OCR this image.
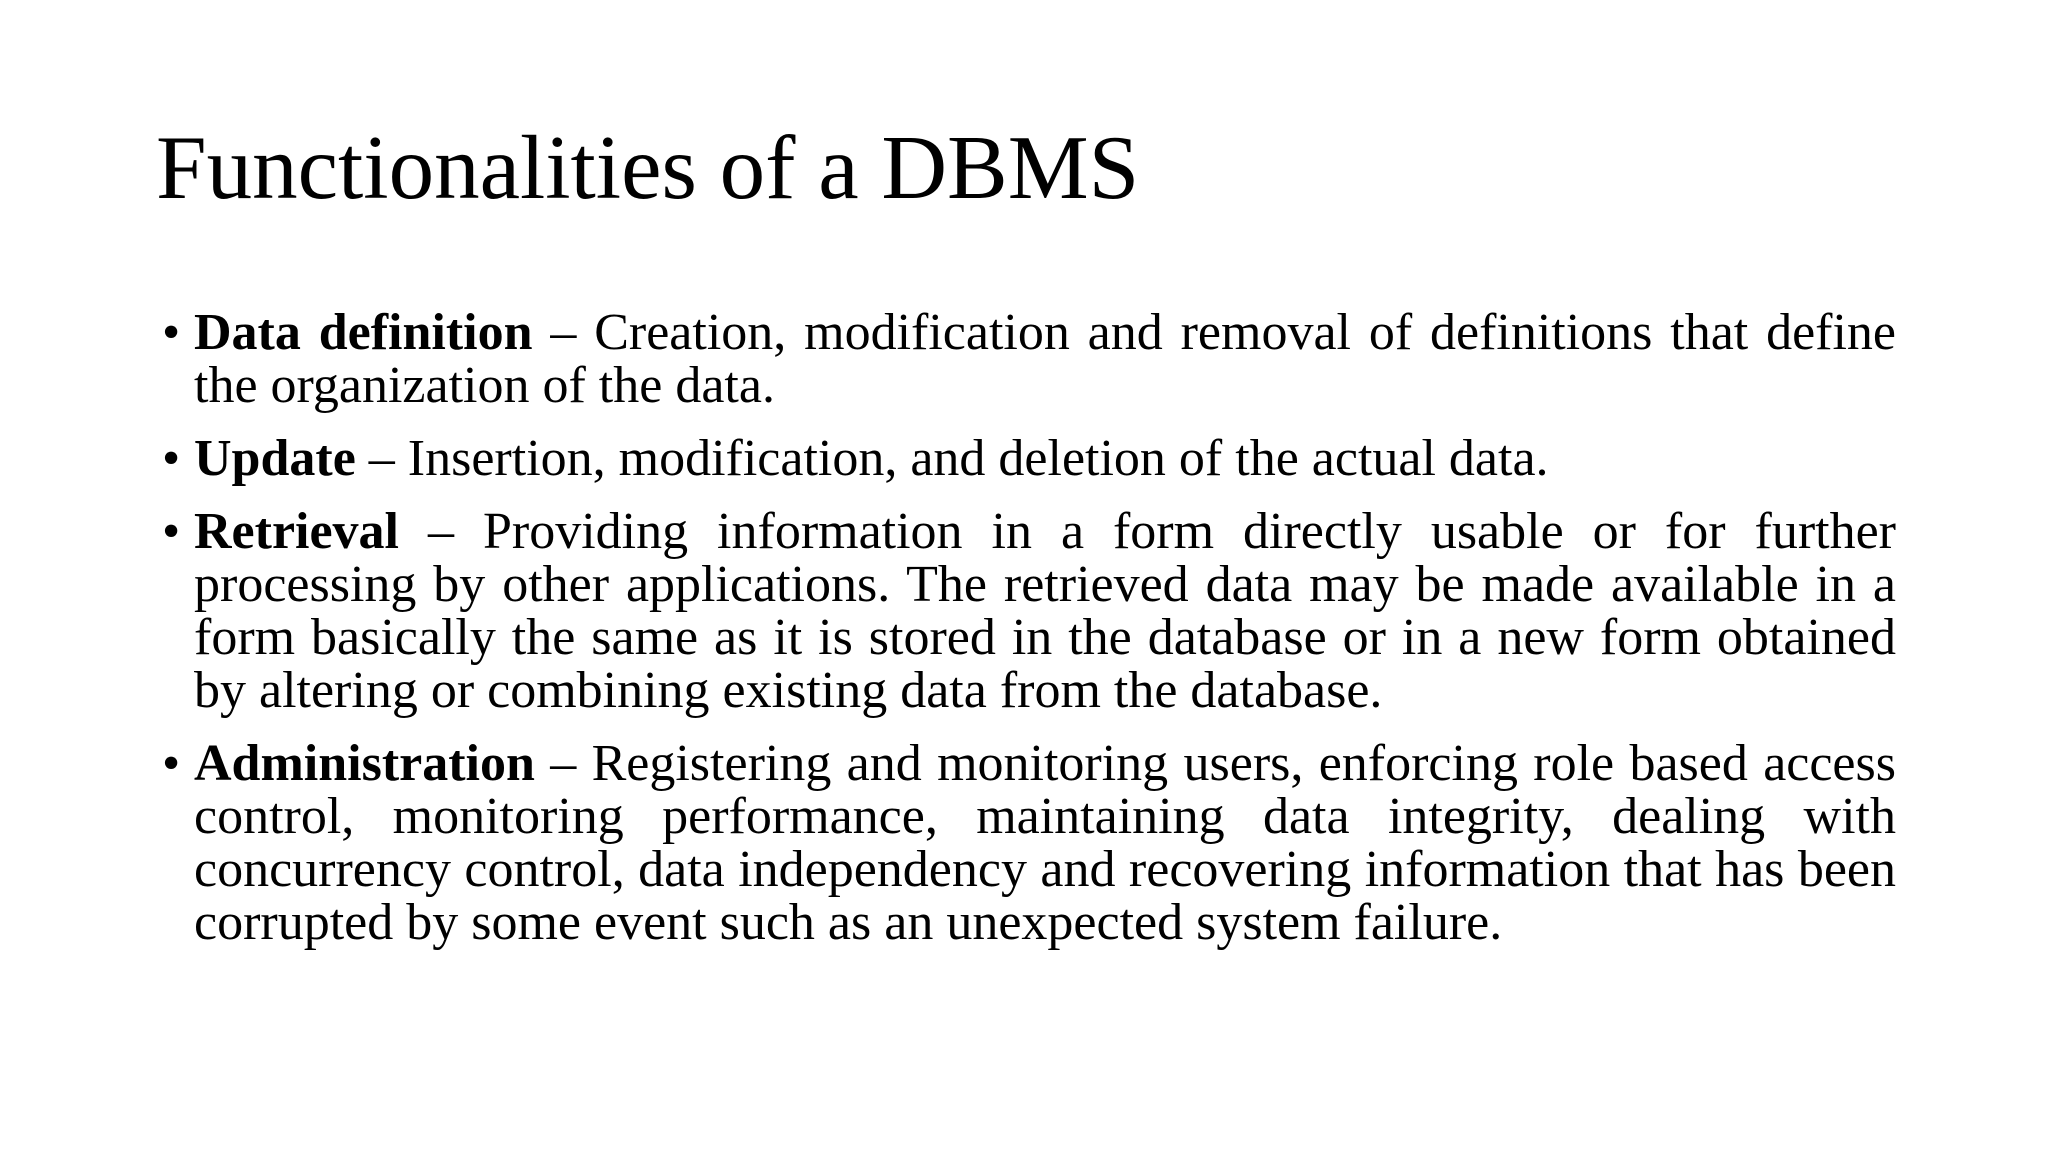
Functionalities of a DBMS
• Data definition – Creation, modification and removal of definitions that define the organization of the data.
• Update – Insertion, modification, and deletion of the actual data.
• Retrieval – Providing information in a form directly usable or for further processing by other applications. The retrieved data may be made available in a form basically the same as it is stored in the database or in a new form obtained by altering or combining existing data from the database.
• Administration – Registering and monitoring users, enforcing role based access control, monitoring performance, maintaining data integrity, dealing with concurrency control, data independency and recovering information that has been corrupted by some event such as an unexpected system failure.
